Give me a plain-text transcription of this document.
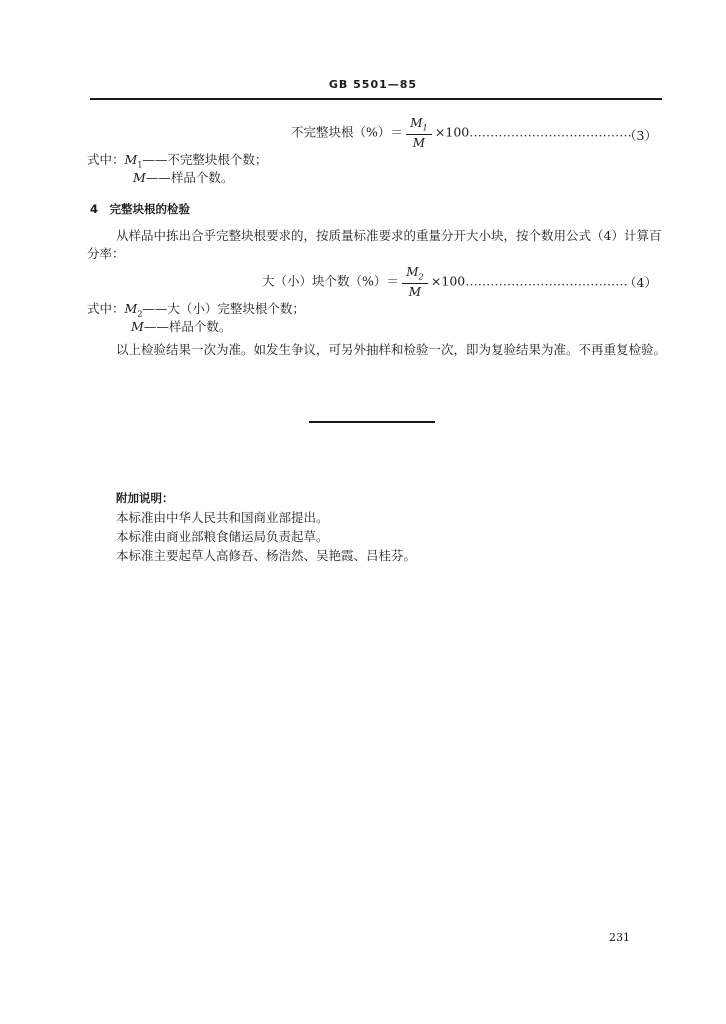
GB 5501—85
不完整块根（%）＝ $\frac{M_1}{M}$ ×100…………………………………
（3）
式中：$M_1——$不完整块根个数；
M——样品个数。
4　完整块根的检验
从样品中拣出合乎完整块根要求的，按质量标准要求的重量分开大小块，按个数用公式（4）计算百
分率：
大（小）块个数（%）＝ $\frac{M_2}{M}$ ×100…………………………………
（4）
式中：$M_2——$大（小）完整块根个数；
M——样品个数。
以上检验结果一次为准。如发生争议，可另外抽样和检验一次，即为复验结果为准。不再重复检验。
附加说明：
本标准由中华人民共和国商业部提出。
本标准由商业部粮食储运局负责起草。
本标准主要起草人高修吾、杨浩然、吴艳霞、吕桂芬。
231
